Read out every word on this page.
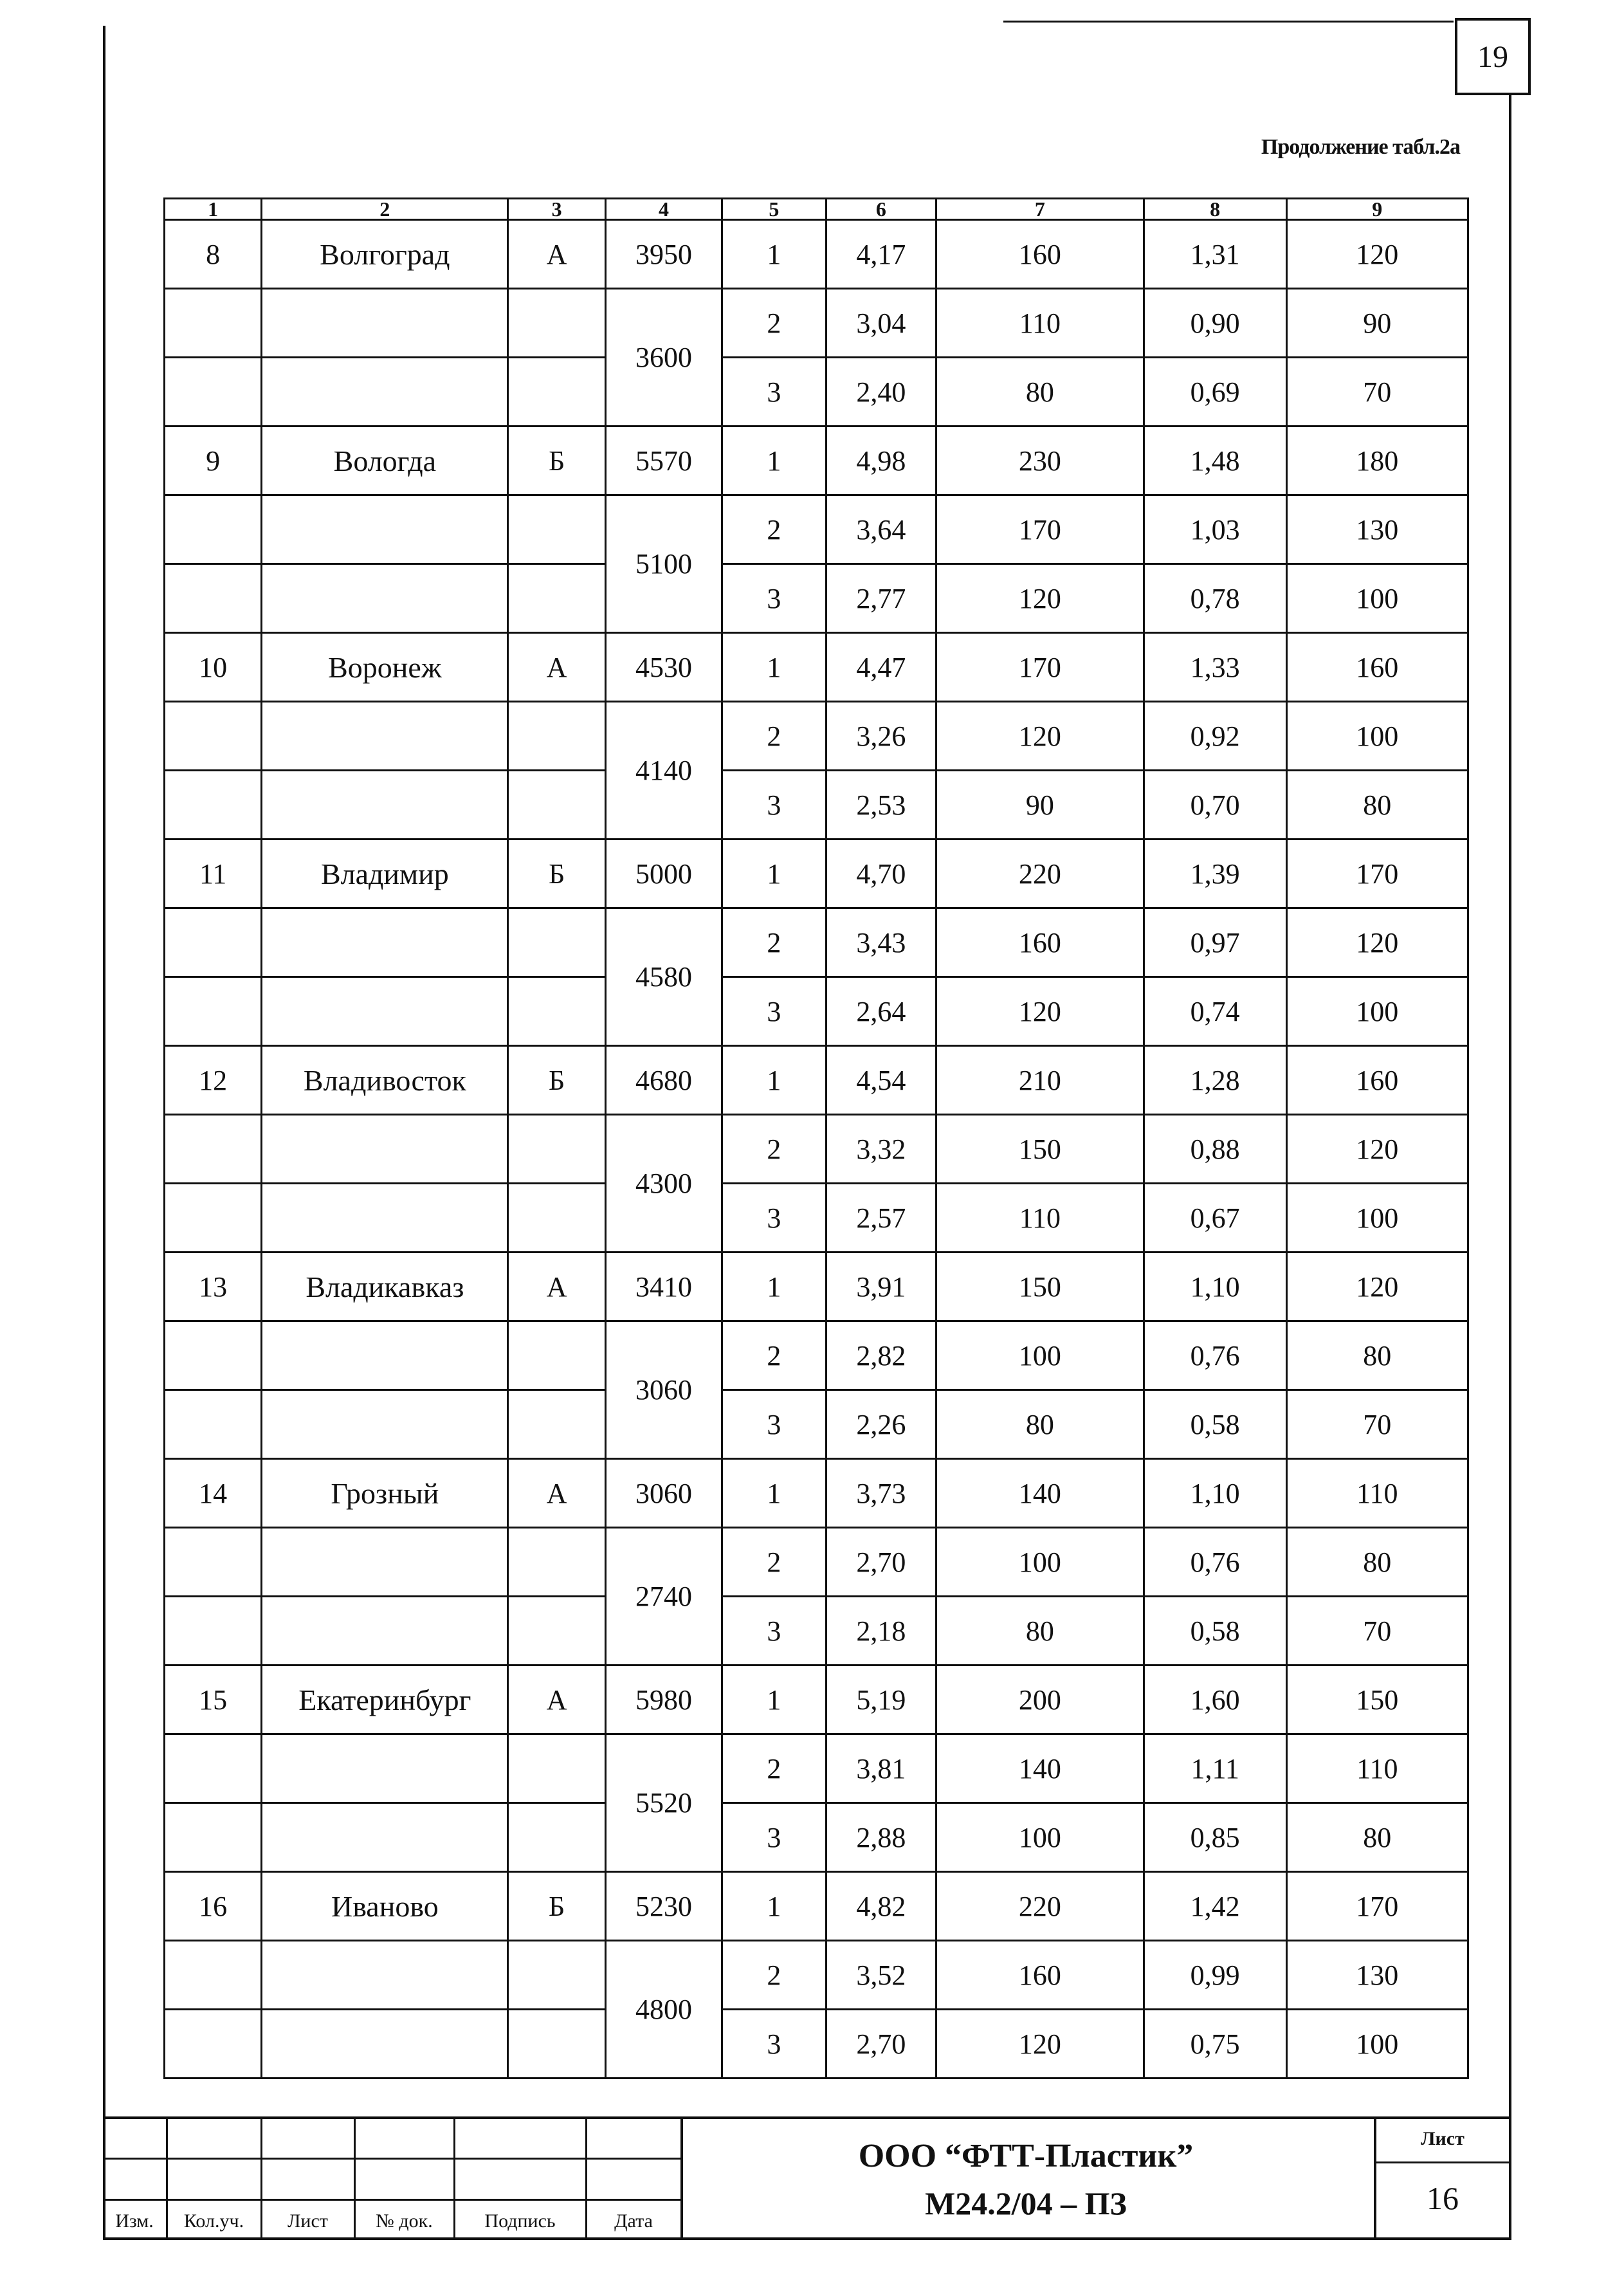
19
Продолжение табл.2а
1	2	3	4	5	6	7	8	9
8	Волгоград	А	3950	1	4,17	160	1,31	120
			3600	2	3,04	110	0,90	90
				3	2,40	80	0,69	70
9	Вологда	Б	5570	1	4,98	230	1,48	180
			5100	2	3,64	170	1,03	130
				3	2,77	120	0,78	100
10	Воронеж	А	4530	1	4,47	170	1,33	160
			4140	2	3,26	120	0,92	100
				3	2,53	90	0,70	80
11	Владимир	Б	5000	1	4,70	220	1,39	170
			4580	2	3,43	160	0,97	120
				3	2,64	120	0,74	100
12	Владивосток	Б	4680	1	4,54	210	1,28	160
			4300	2	3,32	150	0,88	120
				3	2,57	110	0,67	100
13	Владикавказ	А	3410	1	3,91	150	1,10	120
			3060	2	2,82	100	0,76	80
				3	2,26	80	0,58	70
14	Грозный	А	3060	1	3,73	140	1,10	110
			2740	2	2,70	100	0,76	80
				3	2,18	80	0,58	70
15	Екатеринбург	А	5980	1	5,19	200	1,60	150
			5520	2	3,81	140	1,11	110
				3	2,88	100	0,85	80
16	Иваново	Б	5230	1	4,82	220	1,42	170
			4800	2	3,52	160	0,99	130
				3	2,70	120	0,75	100
Изм.	Кол.уч.	Лист	№ док.	Подпись	Дата
ООО “ФТТ-Пластик”
М24.2/04 – ПЗ
Лист
16
